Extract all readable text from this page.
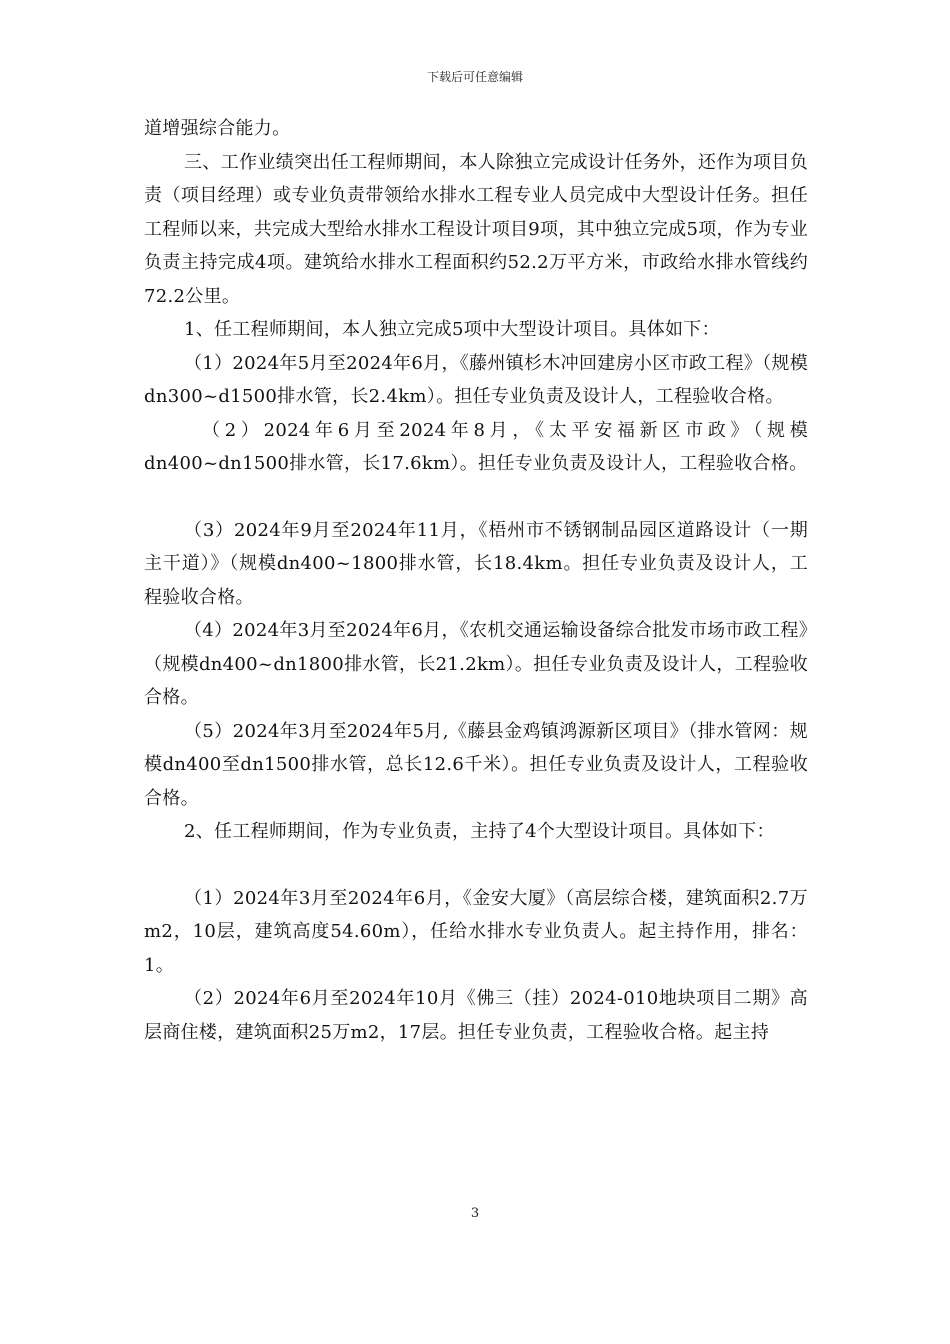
下载后可任意编辑

道增强综合能力。

三、工作业绩突出任工程师期间，本人除独立完成设计任务外，还作为项目负责（项目经理）或专业负责带领给水排水工程专业人员完成中大型设计任务。担任工程师以来，共完成大型给水排水工程设计项目9项，其中独立完成5项，作为专业负责主持完成4项。建筑给水排水工程面积约52.2万平方米，市政给水排水管线约72.2公里。

1、任工程师期间，本人独立完成5项中大型设计项目。具体如下：

（1）2024年5月至2024年6月，《藤州镇杉木冲回建房小区市政工程》（规模dn300~d1500排水管，长2.4km）。担任专业负责及设计人，工程验收合格。

（2）2024年6月至2024年8月，《太平安福新区市政》（规模dn400~dn1500排水管，长17.6km）。担任专业负责及设计人，工程验收合格。

（3）2024年9月至2024年11月，《梧州市不锈钢制品园区道路设计（一期主干道）》（规模dn400~1800排水管，长18.4km。担任专业负责及设计人，工程验收合格。

（4）2024年3月至2024年6月，《农机交通运输设备综合批发市场市政工程》（规模dn400~dn1800排水管，长21.2km）。担任专业负责及设计人，工程验收合格。

（5）2024年3月至2024年5月,《藤县金鸡镇鸿源新区项目》（排水管网：规模dn400至dn1500排水管，总长12.6千米）。担任专业负责及设计人，工程验收合格。

2、任工程师期间，作为专业负责，主持了4个大型设计项目。具体如下：

（1）2024年3月至2024年6月，《金安大厦》（高层综合楼，建筑面积2.7万m2，10层，建筑高度54.60m），任给水排水专业负责人。起主持作用，排名：1。

（2）2024年6月至2024年10月《佛三（挂）2024-010地块项目二期》高层商住楼，建筑面积25万m2，17层。担任专业负责，工程验收合格。起主持

3
